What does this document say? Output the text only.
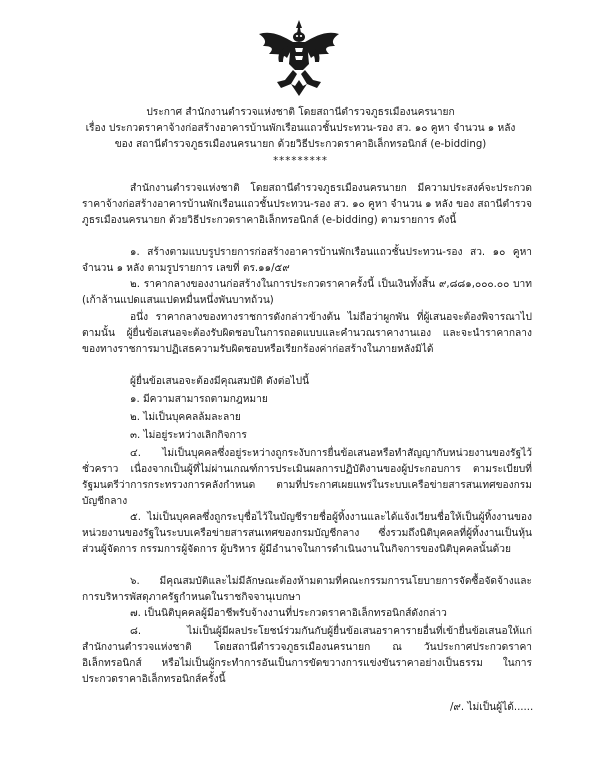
ประกาศ สำนักงานตำรวจแห่งชาติ โดยสถานีตำรวจภูธรเมืองนครนายก
เรื่อง ประกวดราคาจ้างก่อสร้างอาคารบ้านพักเรือนแถวชั้นประทวน-รอง สว. ๑๐ คูหา จำนวน ๑ หลัง
ของ สถานีตำรวจภูธรเมืองนครนายก ด้วยวิธีประกวดราคาอิเล็กทรอนิกส์ (e-bidding)
*********
สำนักงานตำรวจแห่งชาติ โดยสถานีตำรวจภูธรเมืองนครนายก มีความประสงค์จะประกวดราคาจ้างก่อสร้างอาคารบ้านพักเรือนแถวชั้นประทวน-รอง สว. ๑๐ คูหา จำนวน ๑ หลัง ของ สถานีตำรวจภูธรเมืองนครนายก ด้วยวิธีประกวดราคาอิเล็กทรอนิกส์ (e-bidding) ตามรายการ ดังนี้
๑. สร้างตามแบบรูปรายการก่อสร้างอาคารบ้านพักเรือนแถวชั้นประทวน-รอง สว. ๑๐ คูหา จำนวน ๑ หลัง ตามรูปรายการ เลขที่ ตร.๑๑/๕๙
๒. ราคากลางของงานก่อสร้างในการประกวดราคาครั้งนี้ เป็นเงินทั้งสิ้น ๙,๘๘๑,๐๐๐.๐๐ บาท (เก้าล้านแปดแสนแปดหมื่นหนึ่งพันบาทถ้วน)
อนึ่ง ราคากลางของทางราชการดังกล่าวข้างต้น ไม่ถือว่าผูกพัน ที่ผู้เสนอจะต้องพิจารณาไปตามนั้น ผู้ยื่นข้อเสนอจะต้องรับผิดชอบในการถอดแบบและคำนวณราคางานเอง และจะนำราคากลางของทางราชการมาปฏิเสธความรับผิดชอบหรือเรียกร้องค่าก่อสร้างในภายหลังมิได้
ผู้ยื่นข้อเสนอจะต้องมีคุณสมบัติ ดังต่อไปนี้
๑. มีความสามารถตามกฎหมาย
๒. ไม่เป็นบุคคลล้มละลาย
๓. ไม่อยู่ระหว่างเลิกกิจการ
๔. ไม่เป็นบุคคลซึ่งอยู่ระหว่างถูกระงับการยื่นข้อเสนอหรือทำสัญญากับหน่วยงานของรัฐไว้ชั่วคราว เนื่องจากเป็นผู้ที่ไม่ผ่านเกณฑ์การประเมินผลการปฏิบัติงานของผู้ประกอบการ ตามระเบียบที่รัฐมนตรีว่าการกระทรวงการคลังกำหนด ตามที่ประกาศเผยแพร่ในระบบเครือข่ายสารสนเทศของกรมบัญชีกลาง
๕. ไม่เป็นบุคคลซึ่งถูกระบุชื่อไว้ในบัญชีรายชื่อผู้ทิ้งงานและได้แจ้งเวียนชื่อให้เป็นผู้ทิ้งงานของหน่วยงานของรัฐในระบบเครือข่ายสารสนเทศของกรมบัญชีกลาง ซึ่งรวมถึงนิติบุคคลที่ผู้ทิ้งงานเป็นหุ้นส่วนผู้จัดการ กรรมการผู้จัดการ ผู้บริหาร ผู้มีอำนาจในการดำเนินงานในกิจการของนิติบุคคลนั้นด้วย
๖. มีคุณสมบัติและไม่มีลักษณะต้องห้ามตามที่คณะกรรมการนโยบายการจัดซื้อจัดจ้างและการบริหารพัสดุภาครัฐกำหนดในราชกิจจานุเบกษา
๗. เป็นนิติบุคคลผู้มีอาชีพรับจ้างงานที่ประกวดราคาอิเล็กทรอนิกส์ดังกล่าว
๘. ไม่เป็นผู้มีผลประโยชน์ร่วมกันกับผู้ยื่นข้อเสนอราคารายอื่นที่เข้ายื่นข้อเสนอให้แก่ สำนักงานตำรวจแห่งชาติ โดยสถานีตำรวจภูธรเมืองนครนายก ณ วันประกาศประกวดราคาอิเล็กทรอนิกส์ หรือไม่เป็นผู้กระทำการอันเป็นการขัดขวางการแข่งขันราคาอย่างเป็นธรรม ในการประกวดราคาอิเล็กทรอนิกส์ครั้งนี้
/๙. ไม่เป็นผู้ได้......
